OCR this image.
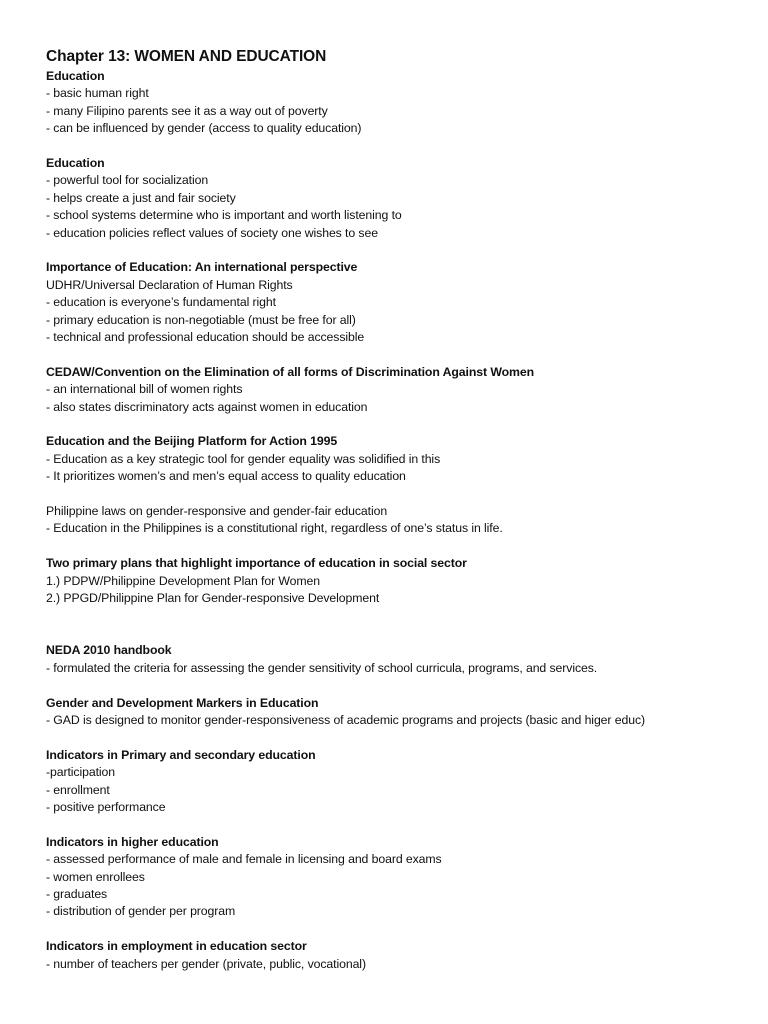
Chapter 13: WOMEN AND EDUCATION
Education
- basic human right
- many Filipino parents see it as a way out of poverty
- can be influenced by gender (access to quality education)
Education
- powerful tool for socialization
- helps create a just and fair society
- school systems determine who is important and worth listening to
- education policies reflect values of society one wishes to see
Importance of Education: An international perspective
UDHR/Universal Declaration of Human Rights
- education is everyone’s fundamental right
- primary education is non-negotiable (must be free for all)
- technical and professional education should be accessible
CEDAW/Convention on the Elimination of all forms of Discrimination Against Women
- an international bill of women rights
- also states discriminatory acts against women in education
Education and the Beijing Platform for Action 1995
- Education as a key strategic tool for gender equality was solidified in this
- It prioritizes women’s and men’s equal access to quality education
Philippine laws on gender-responsive and gender-fair education
- Education in the Philippines is a constitutional right, regardless of one’s status in life.
Two primary plans that highlight importance of education in social sector
1.) PDPW/Philippine Development Plan for Women
2.) PPGD/Philippine Plan for Gender-responsive Development
NEDA 2010 handbook
- formulated the criteria for assessing the gender sensitivity of school curricula, programs, and services.
Gender and Development Markers in Education
- GAD is designed to monitor gender-responsiveness of academic programs and projects (basic and higer educ)
Indicators in Primary and secondary education
-participation
- enrollment
- positive performance
Indicators in higher education
- assessed performance of male and female in licensing and board exams
- women enrollees
- graduates
- distribution of gender per program
Indicators in employment in education sector
- number of teachers per gender (private, public, vocational)
